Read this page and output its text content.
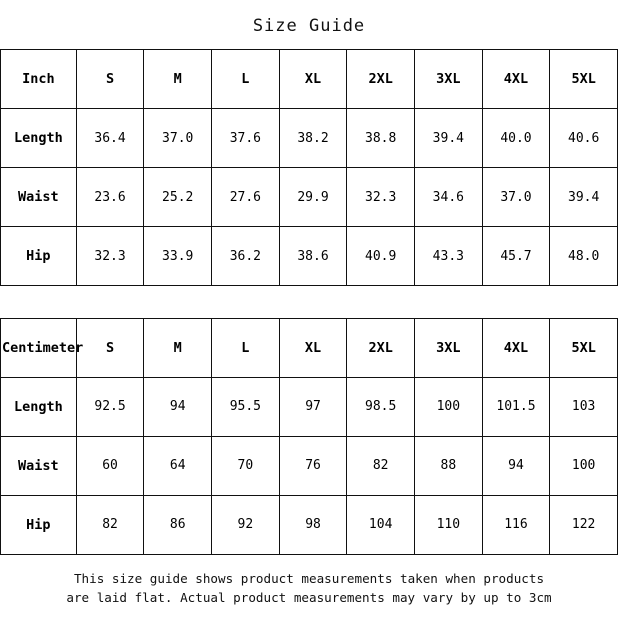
Size Guide
Inch	S	M	L	XL	2XL	3XL	4XL	5XL
Length	36.4	37.0	37.6	38.2	38.8	39.4	40.0	40.6
Waist	23.6	25.2	27.6	29.9	32.3	34.6	37.0	39.4
Hip	32.3	33.9	36.2	38.6	40.9	43.3	45.7	48.0
Centimeter	S	M	L	XL	2XL	3XL	4XL	5XL
Length	92.5	94	95.5	97	98.5	100	101.5	103
Waist	60	64	70	76	82	88	94	100
Hip	82	86	92	98	104	110	116	122
This size guide shows product measurements taken when products
are laid flat. Actual product measurements may vary by up to 3cm
